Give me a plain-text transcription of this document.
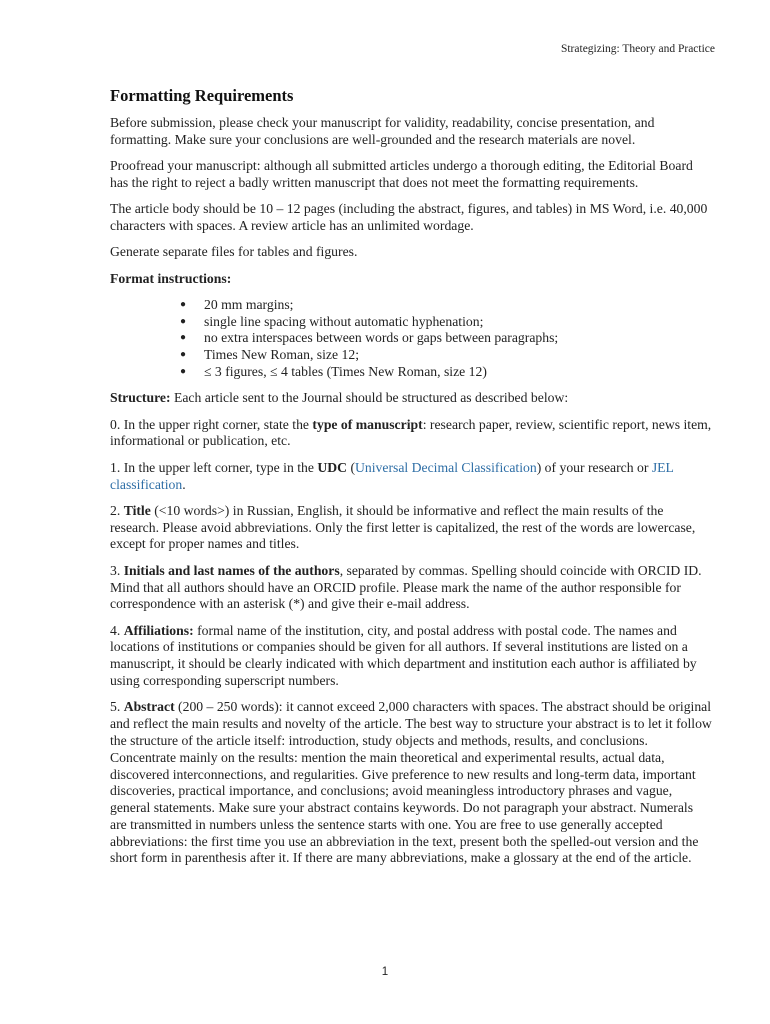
Strategizing: Theory and Practice
Formatting Requirements

Before submission, please check your manuscript for validity, readability, concise presentation, and formatting. Make sure your conclusions are well-grounded and the research materials are novel.

Proofread your manuscript: although all submitted articles undergo a thorough editing, the Editorial Board has the right to reject a badly written manuscript that does not meet the formatting requirements.

The article body should be 10 – 12 pages (including the abstract, figures, and tables) in MS Word, i.e. 40,000 characters with spaces. A review article has an unlimited wordage.

Generate separate files for tables and figures.

Format instructions:

● 20 mm margins;
● single line spacing without automatic hyphenation;
● no extra interspaces between words or gaps between paragraphs;
● Times New Roman, size 12;
● ≤ 3 figures, ≤ 4 tables (Times New Roman, size 12)

Structure: Each article sent to the Journal should be structured as described below:

0. In the upper right corner, state the type of manuscript: research paper, review, scientific report, news item, informational or publication, etc.

1. In the upper left corner, type in the UDC (Universal Decimal Classification) of your research or JEL classification.

2. Title (<10 words>) in Russian, English, it should be informative and reflect the main results of the research. Please avoid abbreviations. Only the first letter is capitalized, the rest of the words are lowercase, except for proper names and titles.

3. Initials and last names of the authors, separated by commas. Spelling should coincide with ORCID ID. Mind that all authors should have an ORCID profile. Please mark the name of the author responsible for correspondence with an asterisk (*) and give their e-mail address.

4. Affiliations: formal name of the institution, city, and postal address with postal code. The names and locations of institutions or companies should be given for all authors. If several institutions are listed on a manuscript, it should be clearly indicated with which department and institution each author is affiliated by using corresponding superscript numbers.

5. Abstract (200 – 250 words): it cannot exceed 2,000 characters with spaces. The abstract should be original and reflect the main results and novelty of the article. The best way to structure your abstract is to let it follow the structure of the article itself: introduction, study objects and methods, results, and conclusions. Concentrate mainly on the results: mention the main theoretical and experimental results, actual data, discovered interconnections, and regularities. Give preference to new results and long-term data, important discoveries, practical importance, and conclusions; avoid meaningless introductory phrases and vague, general statements. Make sure your abstract contains keywords. Do not paragraph your abstract. Numerals are transmitted in numbers unless the sentence starts with one. You are free to use generally accepted abbreviations: the first time you use an abbreviation in the text, present both the spelled-out version and the short form in parenthesis after it. If there are many abbreviations, make a glossary at the end of the article.

1
